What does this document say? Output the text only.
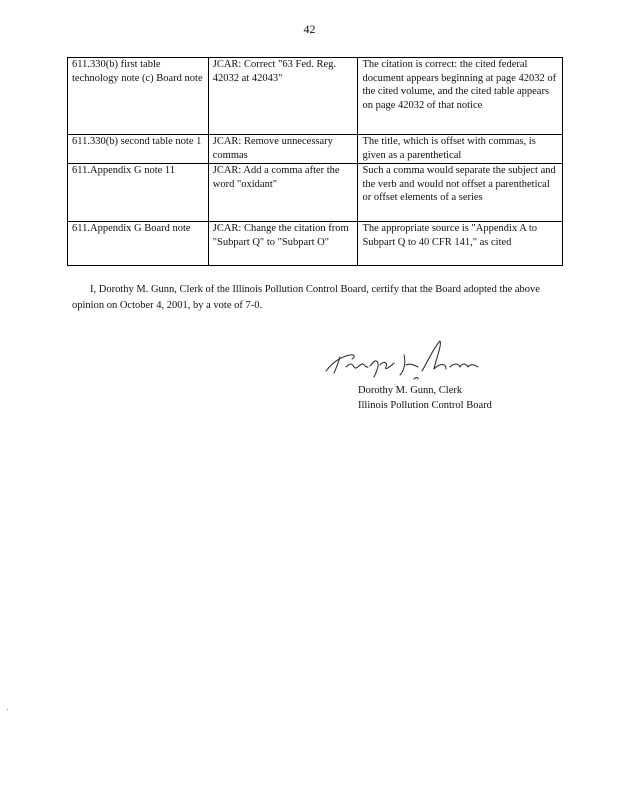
42
611.330(b) first table technology note (c) Board note	JCAR: Correct "63 Fed. Reg. 42032 at 42043"	The citation is correct: the cited federal document appears beginning at page 42032 of the cited volume, and the cited table appears on page 42032 of that notice
611.330(b) second table note 1	JCAR: Remove unnecessary commas	The title, which is offset with commas, is given as a parenthetical
611.Appendix G note 11	JCAR: Add a comma after the word "oxidant"	Such a comma would separate the subject and the verb and would not offset a parenthetical or offset elements of a series
611.Appendix G Board note	JCAR: Change the citation from "Subpart Q" to "Subpart O"	The appropriate source is "Appendix A to Subpart Q to 40 CFR 141," as cited

I, Dorothy M. Gunn, Clerk of the Illinois Pollution Control Board, certify that the Board adopted the above opinion on October 4, 2001, by a vote of 7-0.

Dorothy M. Gunn, Clerk
Illinois Pollution Control Board
